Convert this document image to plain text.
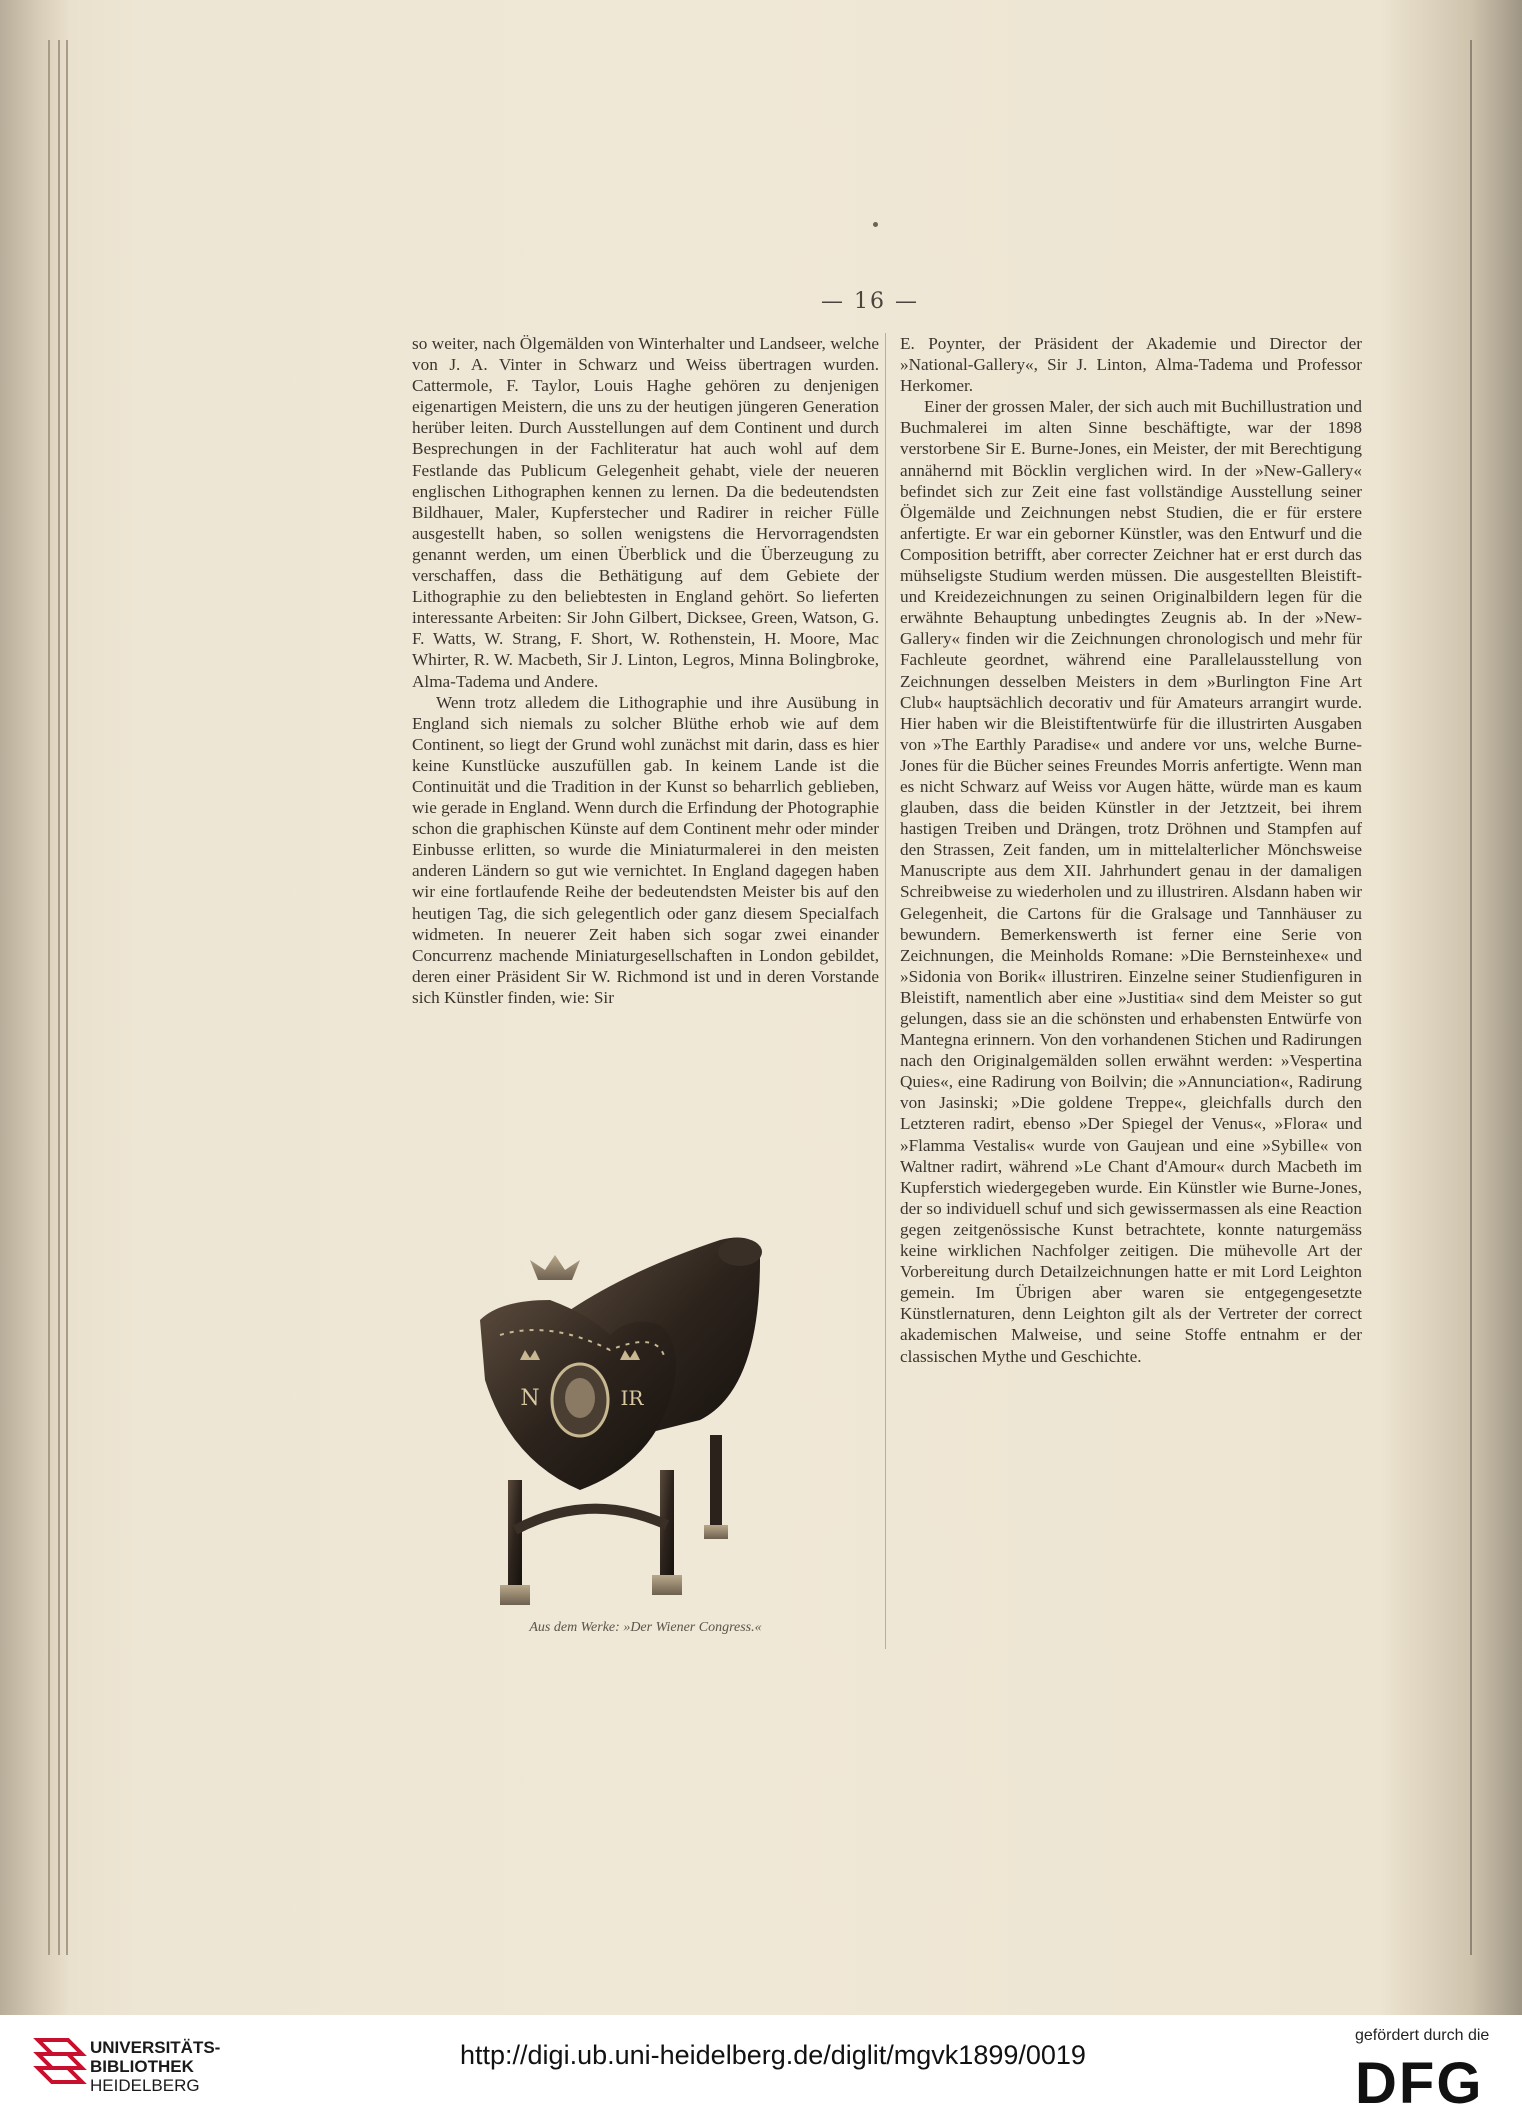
— 16 —

so weiter, nach Ölgemälden von Winterhalter und Landseer, welche von J. A. Vinter in Schwarz und Weiss übertragen wurden. Cattermole, F. Taylor, Louis Haghe gehören zu denjenigen eigenartigen Meistern, die uns zu der heutigen jüngeren Generation herüber leiten. Durch Ausstellungen auf dem Continent und durch Besprechungen in der Fachliteratur hat auch wohl auf dem Festlande das Publicum Gelegenheit gehabt, viele der neueren englischen Lithographen kennen zu lernen. Da die bedeutendsten Bildhauer, Maler, Kupferstecher und Radirer in reicher Fülle ausgestellt haben, so sollen wenigstens die Hervorragendsten genannt werden, um einen Überblick und die Überzeugung zu verschaffen, dass die Bethätigung auf dem Gebiete der Lithographie zu den beliebtesten in England gehört. So lieferten interessante Arbeiten: Sir John Gilbert, Dicksee, Green, Watson, G. F. Watts, W. Strang, F. Short, W. Rothenstein, H. Moore, Mac Whirter, R. W. Macbeth, Sir J. Linton, Legros, Minna Bolingbroke, Alma-Tadema und Andere.

Wenn trotz alledem die Lithographie und ihre Ausübung in England sich niemals zu solcher Blüthe erhob wie auf dem Continent, so liegt der Grund wohl zunächst mit darin, dass es hier keine Kunstlücke auszufüllen gab. In keinem Lande ist die Continuität und die Tradition in der Kunst so beharrlich geblieben, wie gerade in England. Wenn durch die Erfindung der Photographie schon die graphischen Künste auf dem Continent mehr oder minder Einbusse erlitten, so wurde die Miniaturmalerei in den meisten anderen Ländern so gut wie vernichtet. In England dagegen haben wir eine fortlaufende Reihe der bedeutendsten Meister bis auf den heutigen Tag, die sich gelegentlich oder ganz diesem Specialfach widmeten. In neuerer Zeit haben sich sogar zwei einander Concurrenz machende Miniaturgesellschaften in London gebildet, deren einer Präsident Sir W. Richmond ist und in deren Vorstande sich Künstler finden, wie: Sir

E. Poynter, der Präsident der Akademie und Director der »National-Gallery«, Sir J. Linton, Alma-Tadema und Professor Herkomer.

Einer der grossen Maler, der sich auch mit Buchillustration und Buchmalerei im alten Sinne beschäftigte, war der 1898 verstorbene Sir E. Burne-Jones, ein Meister, der mit Berechtigung annähernd mit Böcklin verglichen wird. In der »New-Gallery« befindet sich zur Zeit eine fast vollständige Ausstellung seiner Ölgemälde und Zeichnungen nebst Studien, die er für erstere anfertigte. Er war ein geborner Künstler, was den Entwurf und die Composition betrifft, aber correcter Zeichner hat er erst durch das mühseligste Studium werden müssen. Die ausgestellten Bleistift- und Kreidezeichnungen zu seinen Originalbildern legen für die erwähnte Behauptung unbedingtes Zeugnis ab. In der »New-Gallery« finden wir die Zeichnungen chronologisch und mehr für Fachleute geordnet, während eine Parallelausstellung von Zeichnungen desselben Meisters in dem »Burlington Fine Art Club« hauptsächlich decorativ und für Amateurs arrangirt wurde. Hier haben wir die Bleistiftentwürfe für die illustrirten Ausgaben von »The Earthly Paradise« und andere vor uns, welche Burne-Jones für die Bücher seines Freundes Morris anfertigte. Wenn man es nicht Schwarz auf Weiss vor Augen hätte, würde man es kaum glauben, dass die beiden Künstler in der Jetztzeit, bei ihrem hastigen Treiben und Drängen, trotz Dröhnen und Stampfen auf den Strassen, Zeit fanden, um in mittelalterlicher Mönchsweise Manuscripte aus dem XII. Jahrhundert genau in der damaligen Schreibweise zu wiederholen und zu illustriren. Alsdann haben wir Gelegenheit, die Cartons für die Gralsage und Tannhäuser zu bewundern. Bemerkenswerth ist ferner eine Serie von Zeichnungen, die Meinholds Romane: »Die Bernsteinhexe« und »Sidonia von Borik« illustriren. Einzelne seiner Studienfiguren in Bleistift, namentlich aber eine »Justitia« sind dem Meister so gut gelungen, dass sie an die schönsten und erhabensten Entwürfe von Mantegna erinnern. Von den vorhandenen Stichen und Radirungen nach den Originalgemälden sollen erwähnt werden: »Vespertina Quies«, eine Radirung von Boilvin; die »Annunciation«, Radirung von Jasinski; »Die goldene Treppe«, gleichfalls durch den Letzteren radirt, ebenso »Der Spiegel der Venus«, »Flora« und »Flamma Vestalis« wurde von Gaujean und eine »Sybille« von Waltner radirt, während »Le Chant d'Amour« durch Macbeth im Kupferstich wiedergegeben wurde. Ein Künstler wie Burne-Jones, der so individuell schuf und sich gewissermassen als eine Reaction gegen zeitgenössische Kunst betrachtete, konnte naturgemäss keine wirklichen Nachfolger zeitigen. Die mühevolle Art der Vorbereitung durch Detailzeichnungen hatte er mit Lord Leighton gemein. Im Übrigen aber waren sie entgegengesetzte Künstlernaturen, denn Leighton gilt als der Vertreter der correct akademischen Malweise, und seine Stoffe entnahm er der classischen Mythe und Geschichte.

N	IR
Aus dem Werke: »Der Wiener Congress.«
UNIVERSITÄTS-
BIBLIOTHEK
HEIDELBERG
http://digi.ub.uni-heidelberg.de/diglit/mgvk1899/0019
gefördert durch die
DFG
